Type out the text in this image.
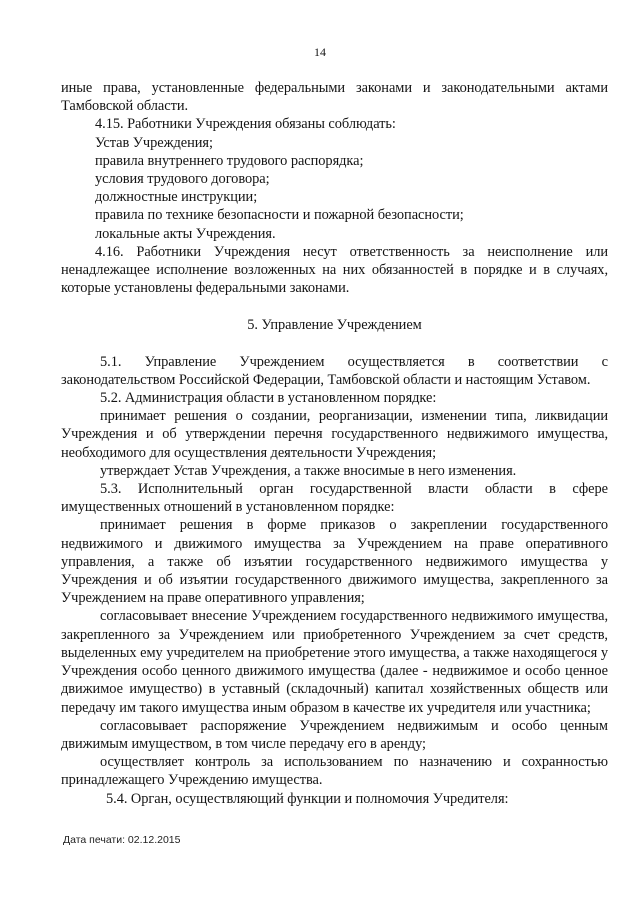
14

иные права, установленные федеральными законами и законодательными актами Тамбовской области.

4.15. Работники Учреждения обязаны соблюдать:

Устав Учреждения;

правила внутреннего трудового распорядка;

условия трудового договора;

должностные инструкции;

правила по технике безопасности и пожарной безопасности;

локальные акты Учреждения.

4.16. Работники Учреждения несут ответственность за неисполнение или ненадлежащее исполнение возложенных на них обязанностей в порядке и в случаях, которые установлены федеральными законами.

5. Управление Учреждением

5.1. Управление Учреждением осуществляется в соответствии с законодательством Российской Федерации, Тамбовской области и настоящим Уставом.

5.2. Администрация области в установленном порядке:

принимает решения о создании, реорганизации, изменении типа, ликвидации Учреждения и об утверждении перечня государственного недвижимого имущества, необходимого для осуществления деятельности Учреждения;

утверждает Устав Учреждения, а также вносимые в него изменения.

5.3. Исполнительный орган государственной власти области в сфере имущественных отношений в установленном порядке:

принимает решения в форме приказов о закреплении государственного недвижимого и движимого имущества за Учреждением на праве оперативного управления, а также об изъятии государственного недвижимого имущества у Учреждения и об изъятии государственного движимого имущества, закрепленного за Учреждением на праве оперативного управления;

согласовывает внесение Учреждением государственного недвижимого имущества, закрепленного за Учреждением или приобретенного Учреждением за счет средств, выделенных ему учредителем на приобретение этого имущества, а также находящегося у Учреждения особо ценного движимого имущества (далее - недвижимое и особо ценное движимое имущество) в уставный (складочный) капитал хозяйственных обществ или передачу им такого имущества иным образом в качестве их учредителя или участника;

согласовывает распоряжение Учреждением недвижимым и особо ценным движимым имуществом, в том числе передачу его в аренду;

осуществляет контроль за использованием по назначению и сохранностью принадлежащего Учреждению имущества.

5.4. Орган, осуществляющий функции и полномочия Учредителя:

Дата печати: 02.12.2015
